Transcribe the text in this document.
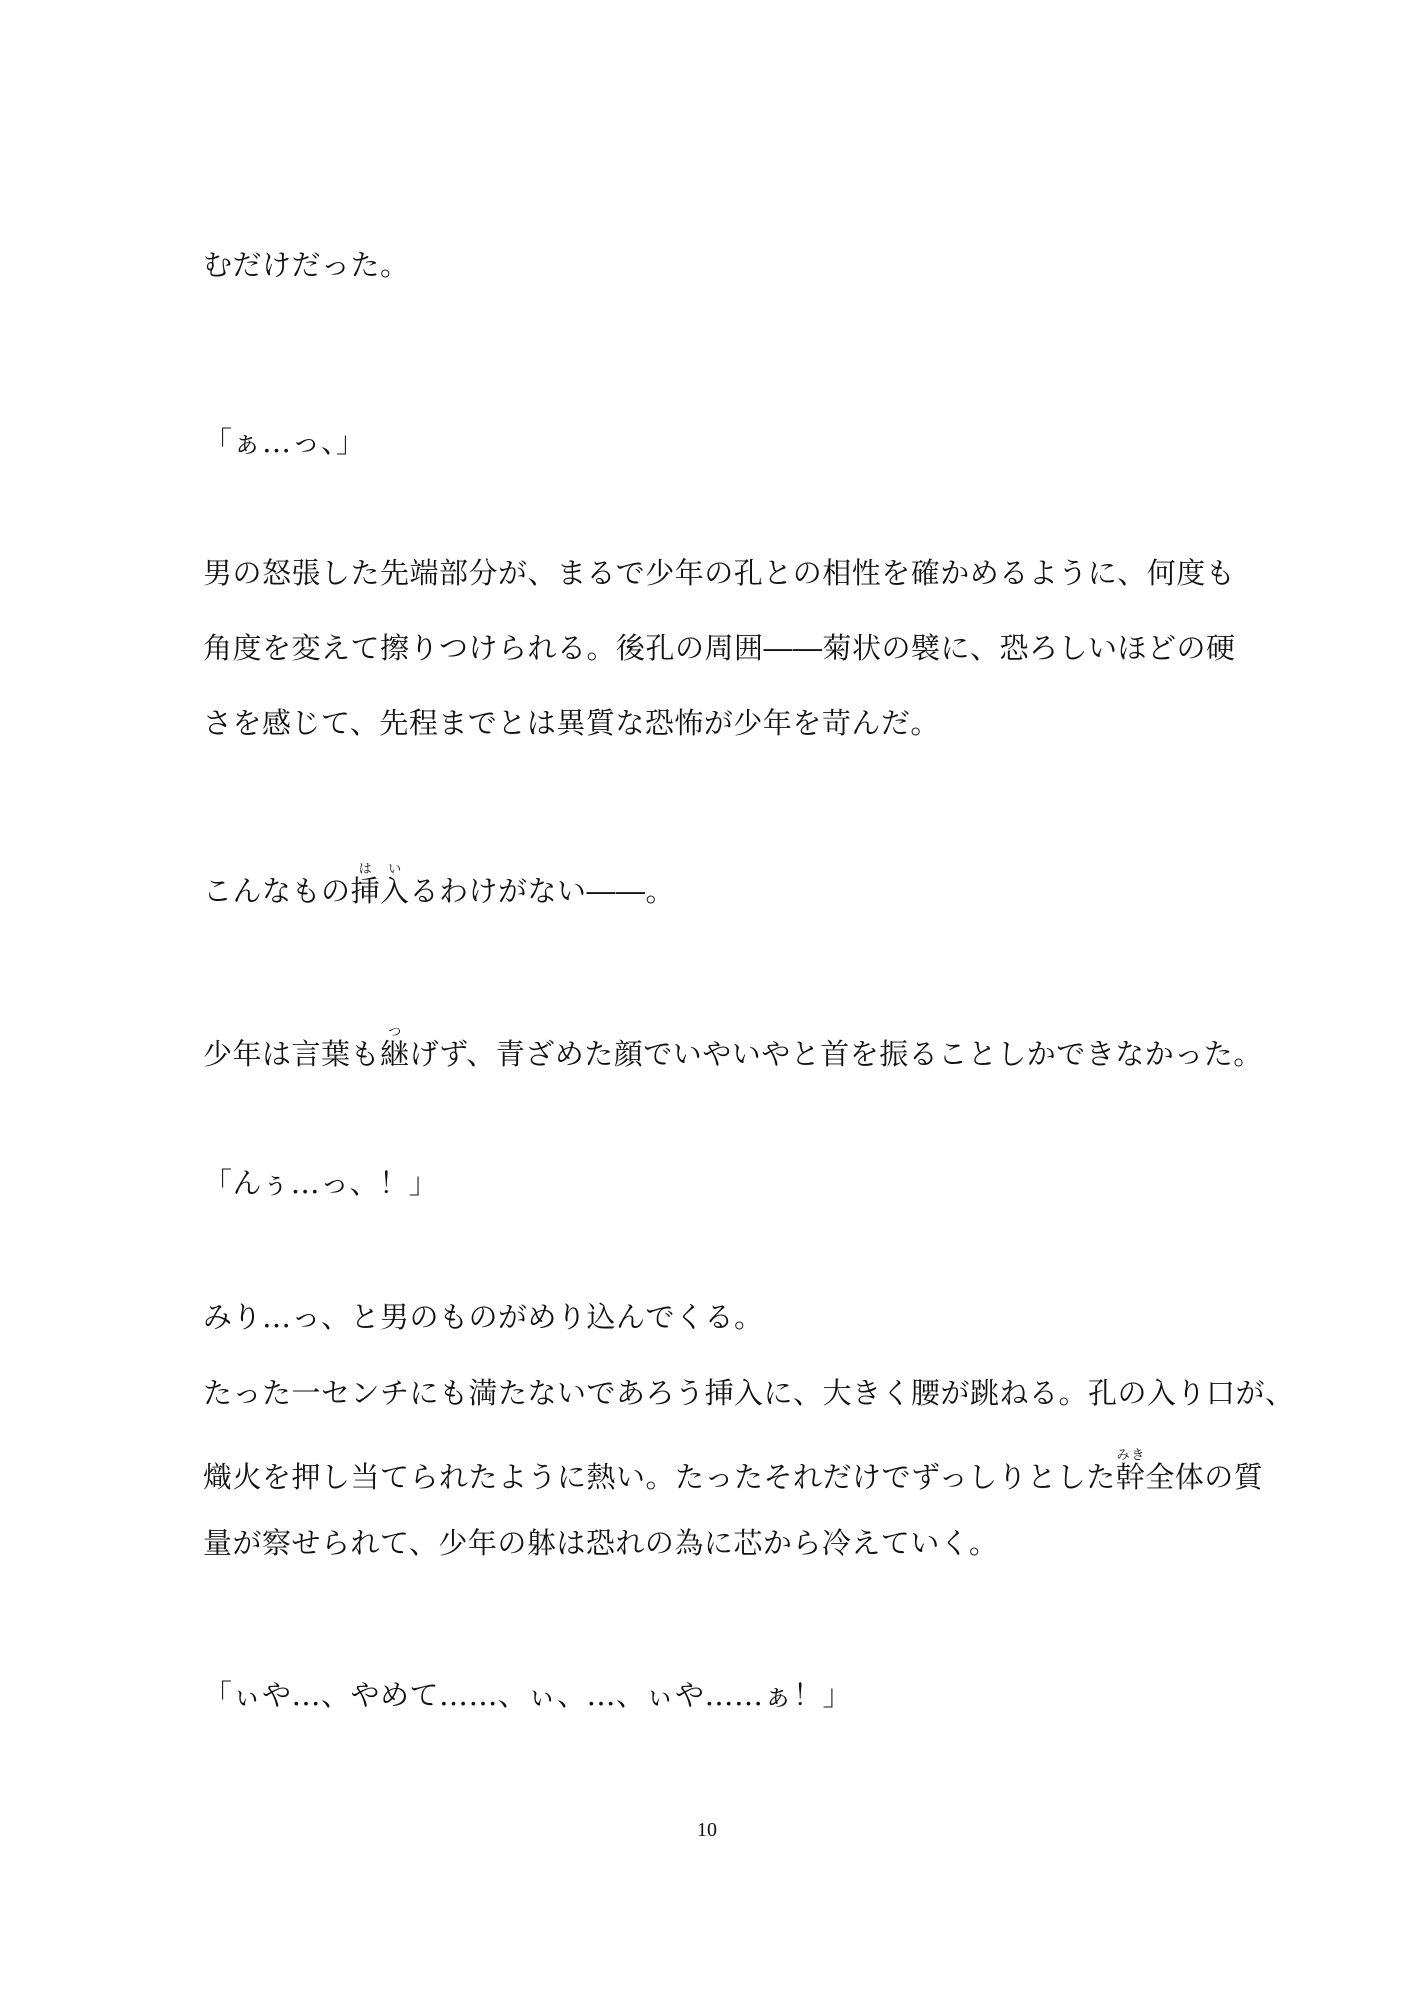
むだけだった。
「ぁ…っ、」
男の怒張した先端部分が、まるで少年の孔との相性を確かめるように、何度も
角度を変えて擦りつけられる。後孔の周囲――菊状の襞に、恐ろしいほどの硬
さを感じて、先程までとは異質な恐怖が少年を苛んだ。
こんなもの挿入はいるわけがない――。
少年は言葉も継つげず、青ざめた顔でいやいやと首を振ることしかできなかった。
「んぅ…っ、！」
みり…っ、と男のものがめり込んでくる。
たった一センチにも満たないであろう挿入に、大きく腰が跳ねる。孔の入り口が、
熾火を押し当てられたように熱い。たったそれだけでずっしりとした幹みき全体の質
量が察せられて、少年の躰は恐れの為に芯から冷えていく。
「ぃや…、やめて……、ぃ、…、ぃや……ぁ！」
10
